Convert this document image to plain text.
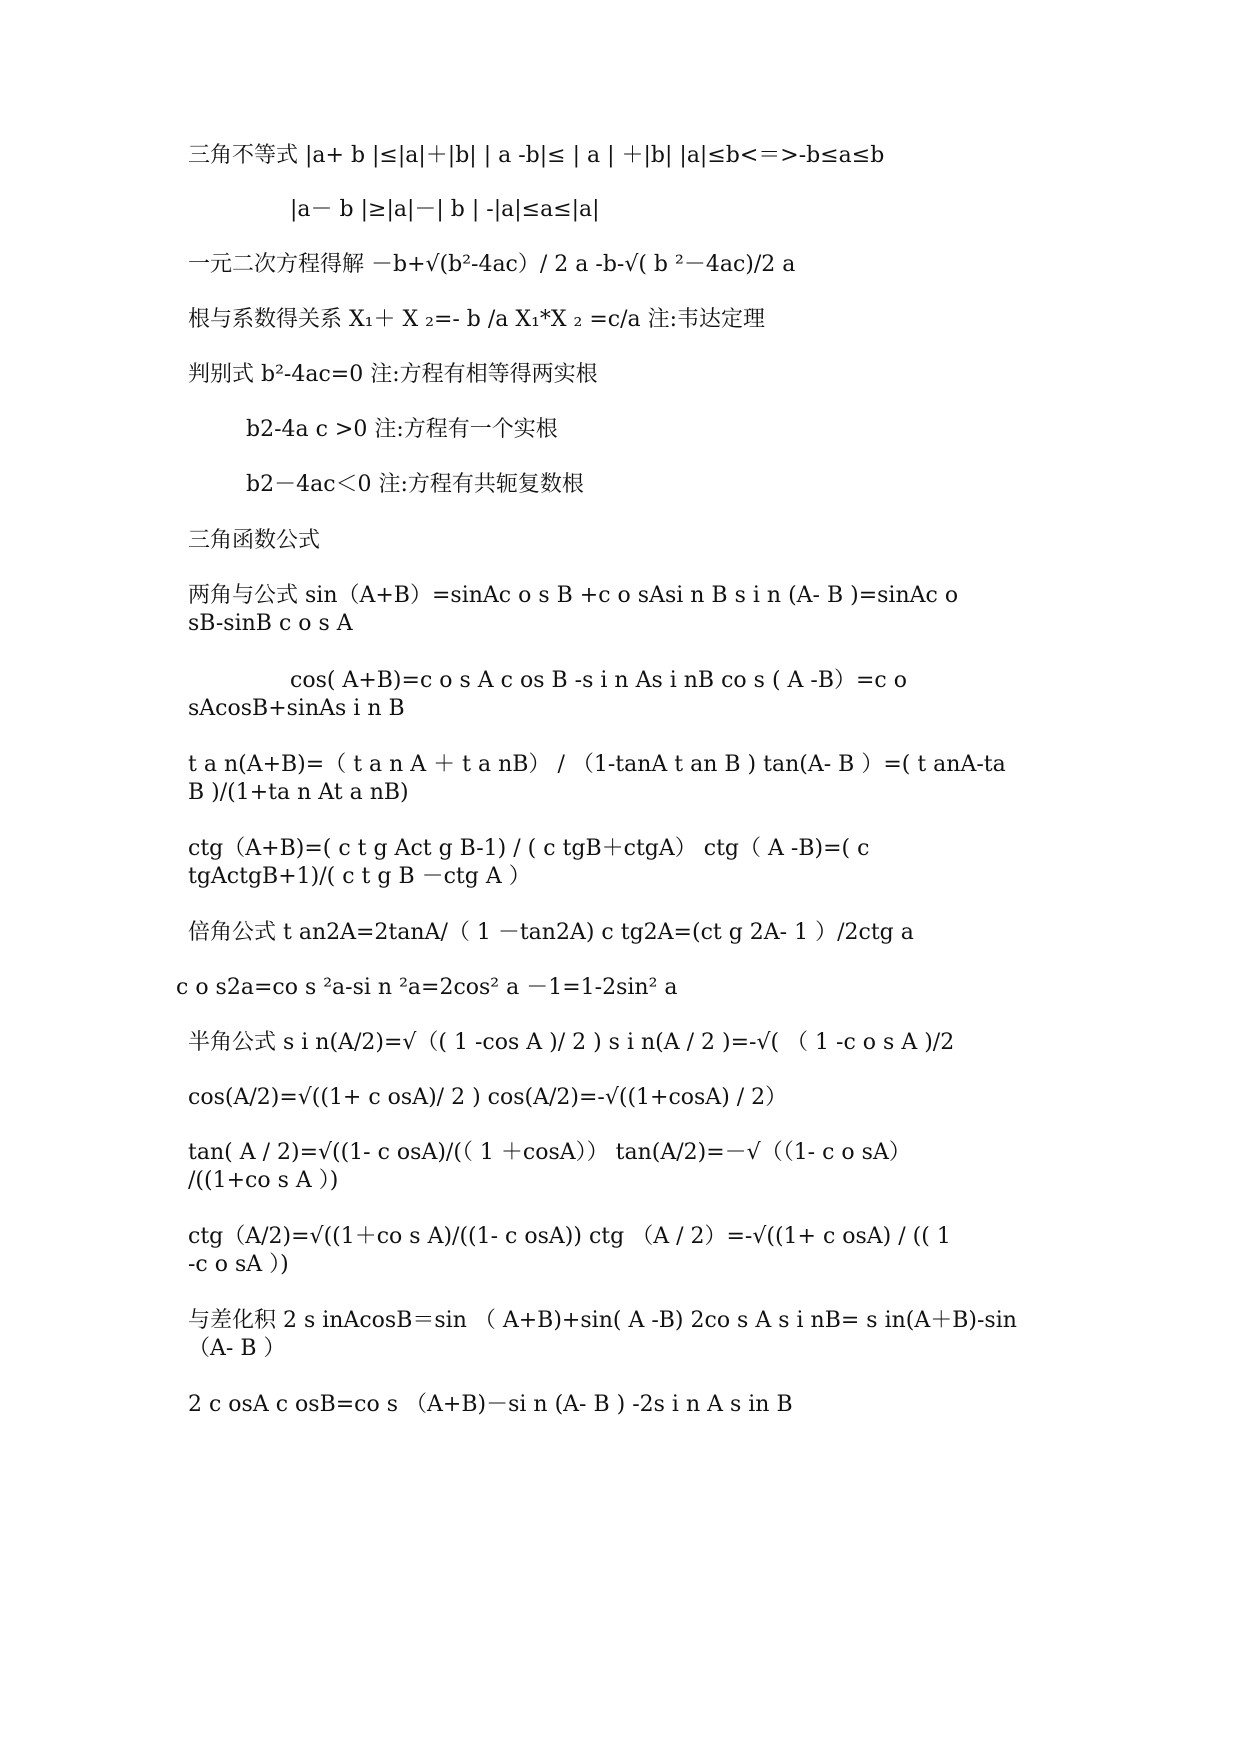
三角不等式 |a+ b |≤|a|＋|b| | a -b|≤ | a | ＋|b| |a|≤b<＝>-b≤a≤b
|a－ b |≥|a|－| b | -|a|≤a≤|a|
一元二次方程得解 －b+√(b²-4ac）/ 2 a -b-√( b ²－4ac)/2 a
根与系数得关系 X₁＋ X ₂=- b /a X₁*X ₂ =c/a 注:韦达定理
判别式 b²-4ac=0 注:方程有相等得两实根
b2-4a c >0 注:方程有一个实根
b2－4ac＜0 注:方程有共轭复数根
三角函数公式
两角与公式 sin（A+B）=sinAc o s B +c o sAsi n B s i n (A- B )=sinAc o
sB-sinB c o s A
cos( A+B)=c o s A c os B -s i n As i nB co s ( A -B）=c o
sAcosB+sinAs i n B
t a n(A+B)=（ t a n A ＋ t a nB） / （1-tanA t an B ) tan(A- B ）=( t anA-ta
B )/(1+ta n At a nB)
ctg（A+B)=( c t g Act g B-1) / ( c tgB＋ctgA） ctg（ A -B)=( c
tgActgB+1)/( c t g B －ctg A ）
倍角公式 t an2A=2tanA/（ 1 －tan2A) c tg2A=(ct g 2A- 1 ）/2ctg a
c o s2a=co s ²a-si n ²a=2cos² a －1=1-2sin² a
半角公式 s i n(A/2)=√（( 1 -cos A )/ 2 ) s i n(A / 2 )=-√( （ 1 -c o s A )/2
cos(A/2)=√((1+ c osA)/ 2 ) cos(A/2)=-√((1+cosA) / 2）
tan( A / 2)=√((1- c osA)/(（ 1 ＋cosA）） tan(A/2)=－√（（1- c o sA）
/((1+co s A ）)
ctg（A/2)=√((1＋co s A)/((1- c osA)) ctg （A / 2）=-√((1+ c osA) / (( 1
-c o sA ）)
与差化积 2 s inAcosB＝sin （ A+B)+sin( A -B) 2co s A s i nB= s in(A＋B)-sin
（A- B ）
2 c osA c osB=co s （A+B)－si n (A- B ) -2s i n A s in B
